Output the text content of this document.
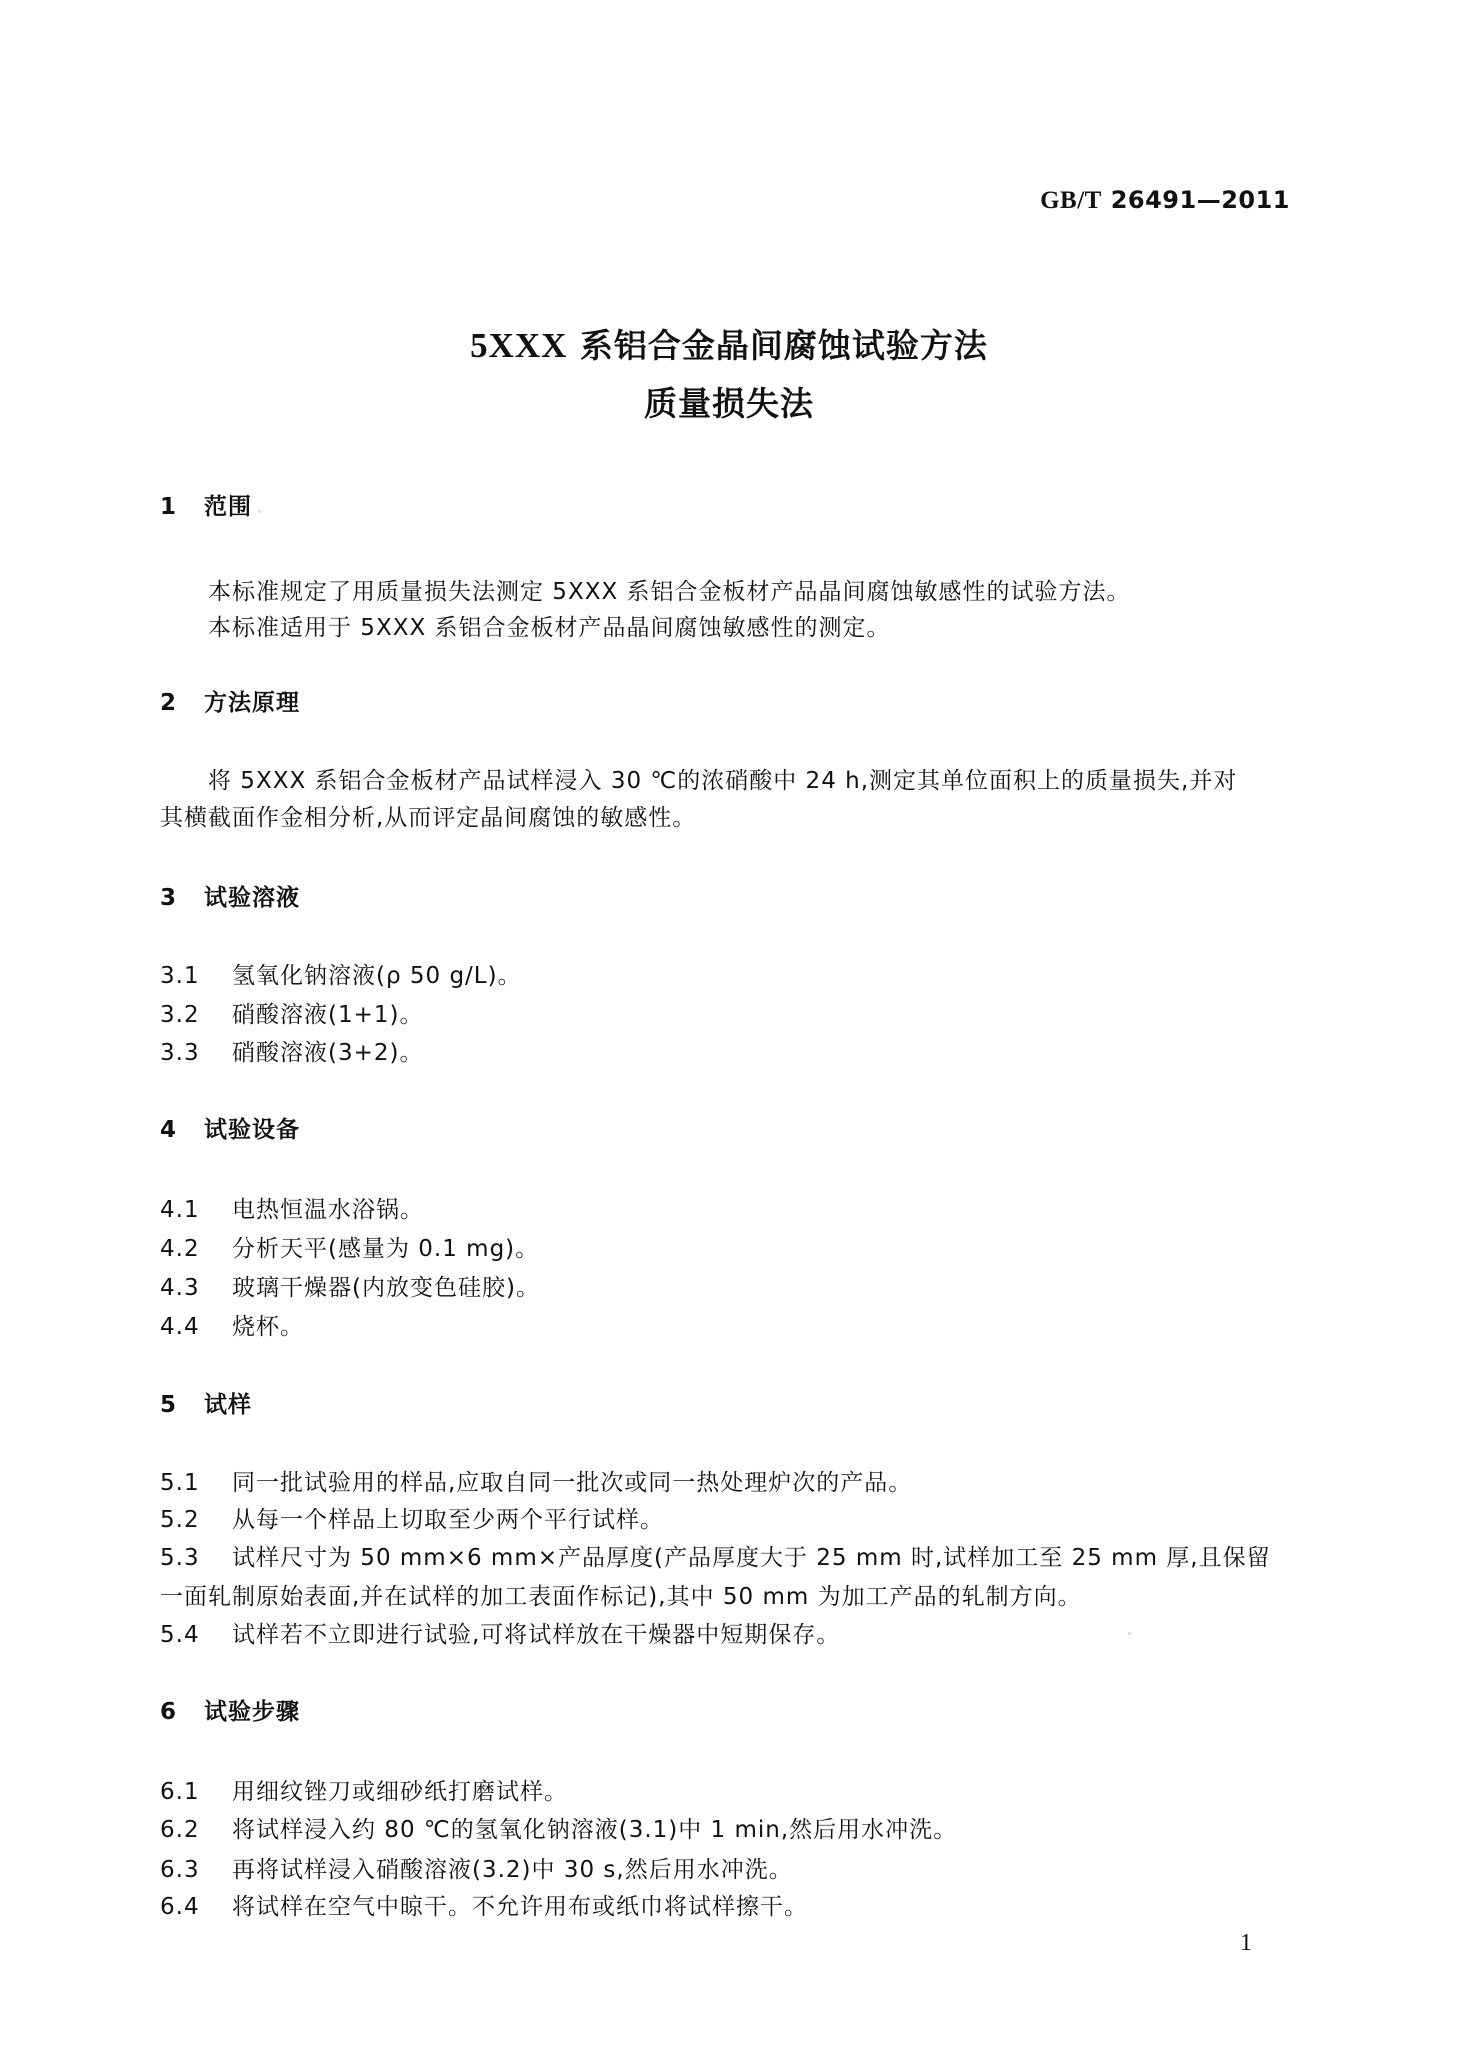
GB/T 26491—2011
5XXX 系铝合金晶间腐蚀试验方法
质量损失法
1 范围
本标准规定了用质量损失法测定 5XXX 系铝合金板材产品晶间腐蚀敏感性的试验方法。
本标准适用于 5XXX 系铝合金板材产品晶间腐蚀敏感性的测定。
2 方法原理
将 5XXX 系铝合金板材产品试样浸入 30 ℃的浓硝酸中 24 h,测定其单位面积上的质量损失,并对
其横截面作金相分析,从而评定晶间腐蚀的敏感性。
3 试验溶液
3.1 氢氧化钠溶液(ρ 50 g/L)。
3.2 硝酸溶液(1+1)。
3.3 硝酸溶液(3+2)。
4 试验设备
4.1 电热恒温水浴锅。
4.2 分析天平(感量为 0.1 mg)。
4.3 玻璃干燥器(内放变色硅胶)。
4.4 烧杯。
5 试样
5.1 同一批试验用的样品,应取自同一批次或同一热处理炉次的产品。
5.2 从每一个样品上切取至少两个平行试样。
5.3 试样尺寸为 50 mm×6 mm×产品厚度(产品厚度大于 25 mm 时,试样加工至 25 mm 厚,且保留
一面轧制原始表面,并在试样的加工表面作标记),其中 50 mm 为加工产品的轧制方向。
5.4 试样若不立即进行试验,可将试样放在干燥器中短期保存。
6 试验步骤
6.1 用细纹锉刀或细砂纸打磨试样。
6.2 将试样浸入约 80 ℃的氢氧化钠溶液(3.1)中 1 min,然后用水冲洗。
6.3 再将试样浸入硝酸溶液(3.2)中 30 s,然后用水冲洗。
6.4 将试样在空气中晾干。不允许用布或纸巾将试样擦干。
1
